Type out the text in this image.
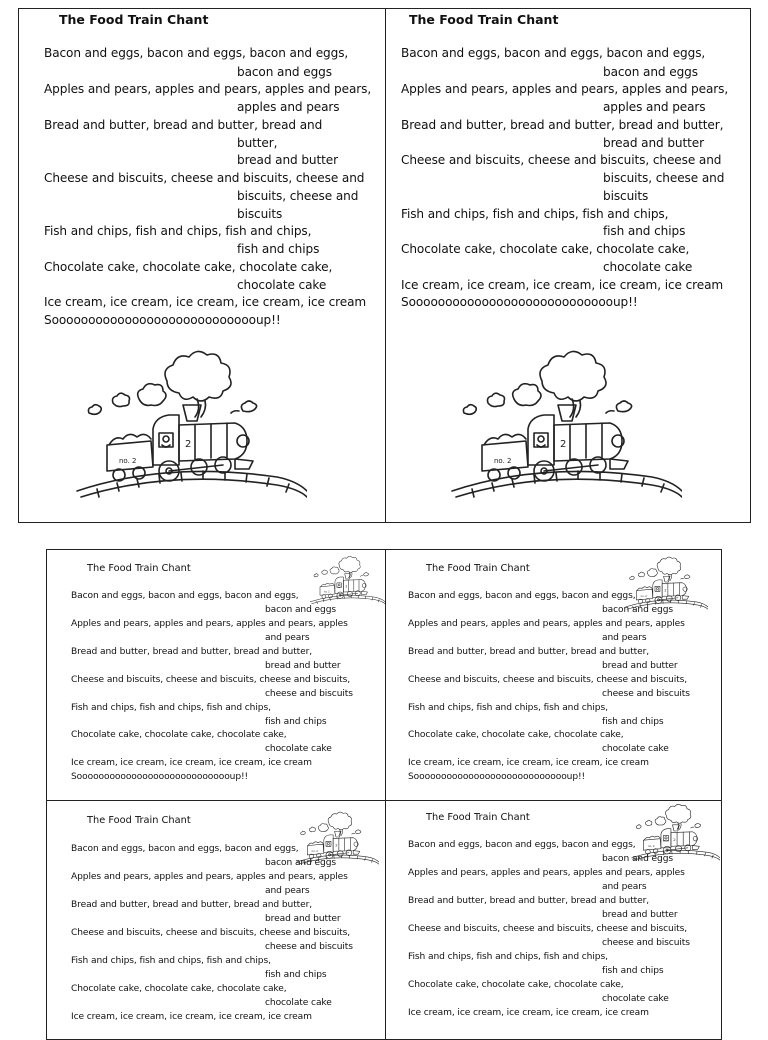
The Food Train Chant
Bacon and eggs, bacon and eggs, bacon and eggs,
bacon and eggs
Apples and pears, apples and pears, apples and pears,
apples and pears
Bread and butter, bread and butter, bread and
butter,
bread and butter
Cheese and biscuits, cheese and biscuits, cheese and
biscuits, cheese and
biscuits
Fish and chips, fish and chips, fish and chips,
fish and chips
Chocolate cake, chocolate cake, chocolate cake,
chocolate cake
Ice cream, ice cream, ice cream, ice cream, ice cream
Sooooooooooooooooooooooooooooup!!
The Food Train Chant
Bacon and eggs, bacon and eggs, bacon and eggs,
bacon and eggs
Apples and pears, apples and pears, apples and pears,
apples and pears
Bread and butter, bread and butter, bread and butter,
bread and butter
Cheese and biscuits, cheese and biscuits, cheese and
biscuits, cheese and
biscuits
Fish and chips, fish and chips, fish and chips,
fish and chips
Chocolate cake, chocolate cake, chocolate cake,
chocolate cake
Ice cream, ice cream, ice cream, ice cream, ice cream
Sooooooooooooooooooooooooooooup!!
The Food Train Chant
Bacon and eggs, bacon and eggs, bacon and eggs,
bacon and eggs
Apples and pears, apples and pears, apples and pears, apples
and pears
Bread and butter, bread and butter, bread and butter,
bread and butter
Cheese and biscuits, cheese and biscuits, cheese and biscuits,
cheese and biscuits
Fish and chips, fish and chips, fish and chips,
fish and chips
Chocolate cake, chocolate cake, chocolate cake,
chocolate cake
Ice cream, ice cream, ice cream, ice cream, ice cream
Sooooooooooooooooooooooooooooup!!
The Food Train Chant
Bacon and eggs, bacon and eggs, bacon and eggs,
bacon and eggs
Apples and pears, apples and pears, apples and pears, apples
and pears
Bread and butter, bread and butter, bread and butter,
bread and butter
Cheese and biscuits, cheese and biscuits, cheese and biscuits,
cheese and biscuits
Fish and chips, fish and chips, fish and chips,
fish and chips
Chocolate cake, chocolate cake, chocolate cake,
chocolate cake
Ice cream, ice cream, ice cream, ice cream, ice cream
Sooooooooooooooooooooooooooooup!!
The Food Train Chant
Bacon and eggs, bacon and eggs, bacon and eggs,
bacon and eggs
Apples and pears, apples and pears, apples and pears, apples
and pears
Bread and butter, bread and butter, bread and butter,
bread and butter
Cheese and biscuits, cheese and biscuits, cheese and biscuits,
cheese and biscuits
Fish and chips, fish and chips, fish and chips,
fish and chips
Chocolate cake, chocolate cake, chocolate cake,
chocolate cake
Ice cream, ice cream, ice cream, ice cream, ice cream
The Food Train Chant
Bacon and eggs, bacon and eggs, bacon and eggs,
bacon and eggs
Apples and pears, apples and pears, apples and pears, apples
and pears
Bread and butter, bread and butter, bread and butter,
bread and butter
Cheese and biscuits, cheese and biscuits, cheese and biscuits,
cheese and biscuits
Fish and chips, fish and chips, fish and chips,
fish and chips
Chocolate cake, chocolate cake, chocolate cake,
chocolate cake
Ice cream, ice cream, ice cream, ice cream, ice cream
